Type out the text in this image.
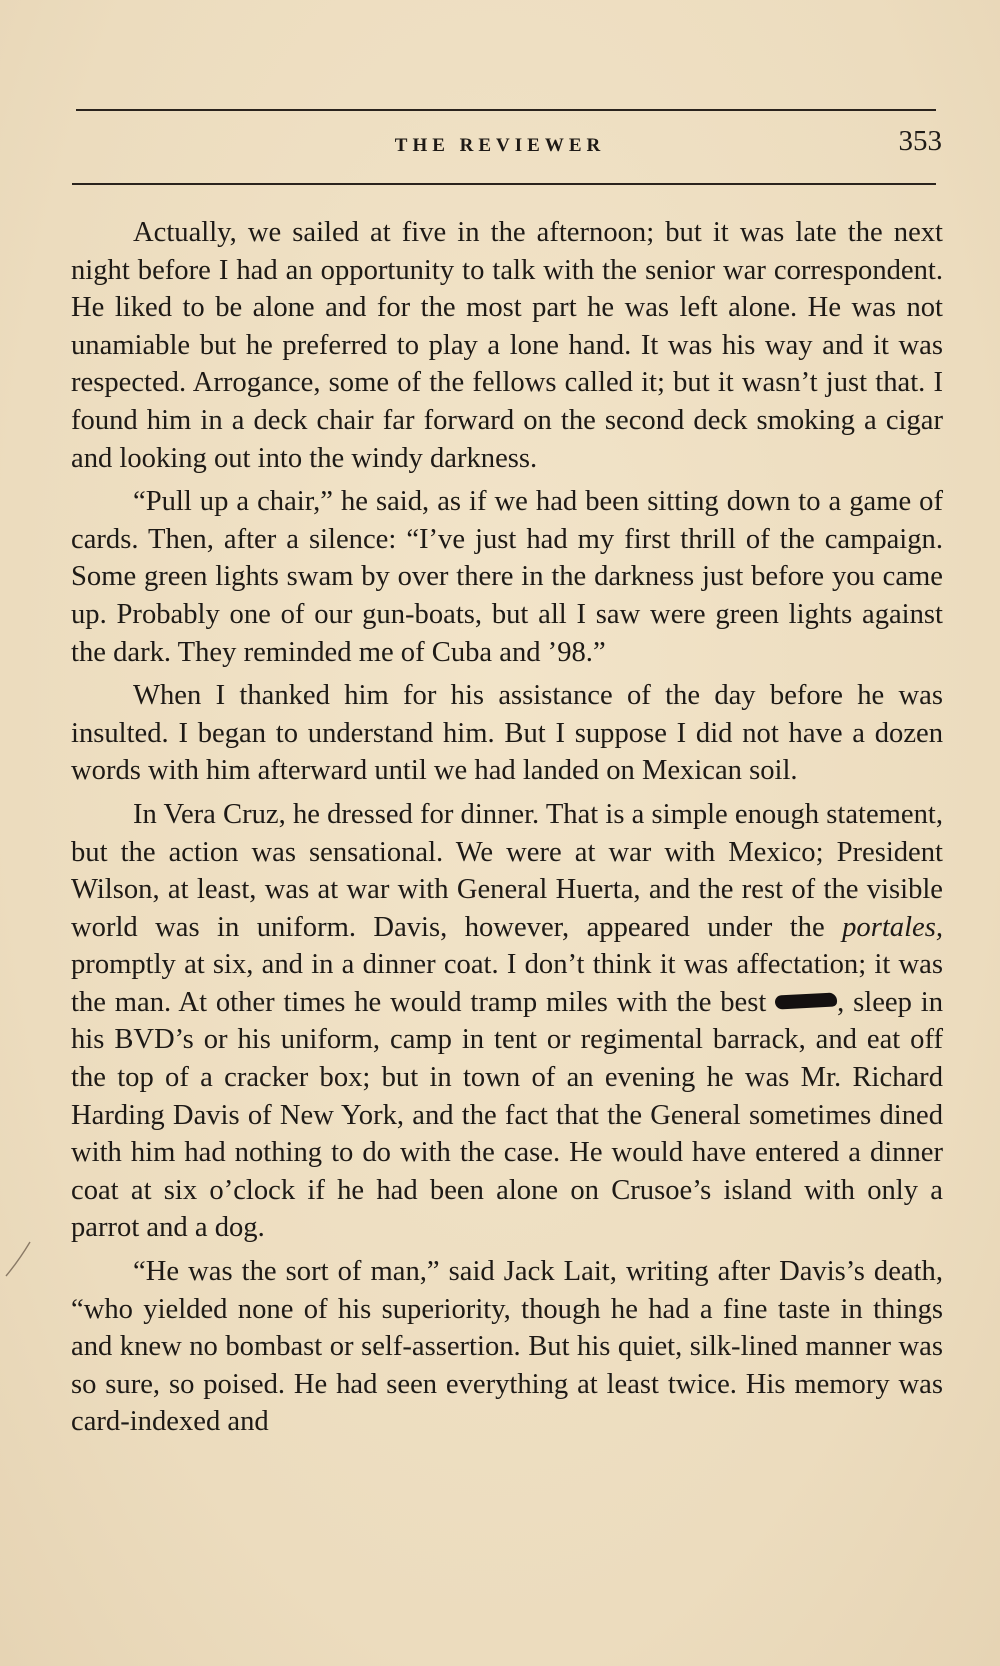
THE REVIEWER	353

Actually, we sailed at five in the afternoon; but it was late the next night before I had an opportunity to talk with the senior war correspondent. He liked to be alone and for the most part he was left alone. He was not unamiable but he preferred to play a lone hand. It was his way and it was respected. Arrogance, some of the fellows called it; but it wasn’t just that. I found him in a deck chair far forward on the second deck smoking a cigar and looking out into the windy darkness.

“Pull up a chair,” he said, as if we had been sitting down to a game of cards. Then, after a silence: “I’ve just had my first thrill of the campaign. Some green lights swam by over there in the darkness just before you came up. Probably one of our gun-boats, but all I saw were green lights against the dark. They reminded me of Cuba and ’98.”

When I thanked him for his assistance of the day before he was insulted. I began to understand him. But I suppose I did not have a dozen words with him afterward until we had landed on Mexican soil.

In Vera Cruz, he dressed for dinner. That is a simple enough statement, but the action was sensational. We were at war with Mexico; President Wilson, at least, was at war with General Huerta, and the rest of the visible world was in uniform. Davis, however, appeared under the portales, promptly at six, and in a dinner coat. I don’t think it was affectation; it was the man. At other times he would tramp miles with the best , sleep in his BVD’s or his uniform, camp in tent or regimental barrack, and eat off the top of a cracker box; but in town of an evening he was Mr. Richard Harding Davis of New York, and the fact that the General sometimes dined with him had nothing to do with the case. He would have entered a dinner coat at six o’clock if he had been alone on Crusoe’s island with only a parrot and a dog.

“He was the sort of man,” said Jack Lait, writing after Davis’s death, “who yielded none of his superiority, though he had a fine taste in things and knew no bombast or self-assertion. But his quiet, silk-lined manner was so sure, so poised. He had seen everything at least twice. His memory was card-indexed and
